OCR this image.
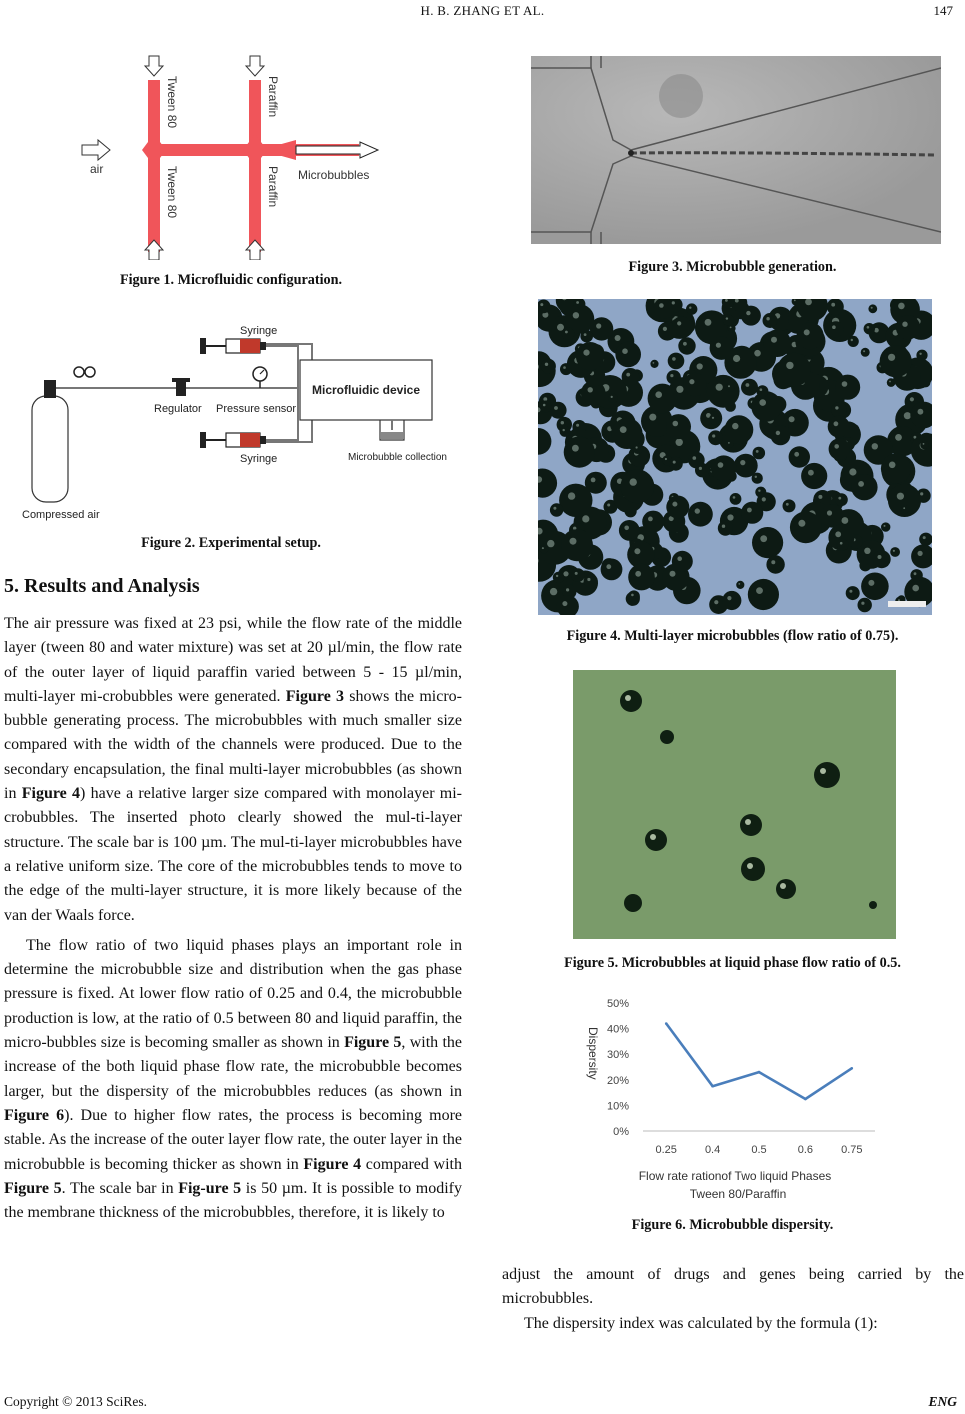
H. B. ZHANG ET AL.	147
air
Tween 80
Tween 80
Paraffin
Paraffin Microbubbles
Figure 1. Microfluidic configuration.
Microfluidic device
Syringe
Syringe
Regulator Pressure sensor
Microbubble collection
Compressed air
Figure 2. Experimental setup.
5. Results and Analysis

The air pressure was fixed at 23 psi, while the flow rate of the middle layer (tween 80 and water mixture) was set at 20 µl/min, the flow rate of the outer layer of liquid paraffin varied between 5 - 15 µl/min, multi-layer mi-crobubbles were generated. Figure 3 shows the micro-bubble generating process. The microbubbles with much smaller size compared with the width of the channels were produced. Due to the secondary encapsulation, the final multi-layer microbubbles (as shown in Figure 4) have a relative larger size compared with monolayer mi-crobubbles. The inserted photo clearly showed the mul-ti-layer structure. The scale bar is 100 µm. The mul-ti-layer microbubbles have a relative uniform size. The core of the microbubbles tends to move to the edge of the multi-layer structure, it is more likely because of the van der Waals force.

The flow ratio of two liquid phases plays an important role in determine the microbubble size and distribution when the gas phase pressure is fixed. At lower flow ratio of 0.25 and 0.4, the microbubble production is low, at the ratio of 0.5 between 80 and liquid paraffin, the micro-bubbles size is becoming smaller as shown in Figure 5, with the increase of the both liquid phase flow rate, the microbubble becomes larger, but the dispersity of the microbubbles reduces (as shown in Figure 6). Due to higher flow rates, the process is becoming more stable. As the increase of the outer layer flow rate, the outer layer in the microbubble is becoming thicker as shown in Figure 4 compared with Figure 5. The scale bar in Fig-ure 5 is 50 µm. It is possible to modify the membrane thickness of the microbubbles, therefore, it is likely to

Figure 3. Microbubble generation.
Figure 4. Multi-layer microbubbles (flow ratio of 0.75).
Figure 5. Microbubbles at liquid phase flow ratio of 0.5.
0%
10%
20%
30%
40%
50%
0.25	0.4	0.5	0.6	0.75
Dispersity
Flow rate rationof Two liquid Phases
Tween 80/Paraffin
Figure 6. Microbubble dispersity.

adjust the amount of drugs and genes being carried by the microbubbles.

The dispersity index was calculated by the formula (1):

Copyright © 2013 SciRes.	ENG
